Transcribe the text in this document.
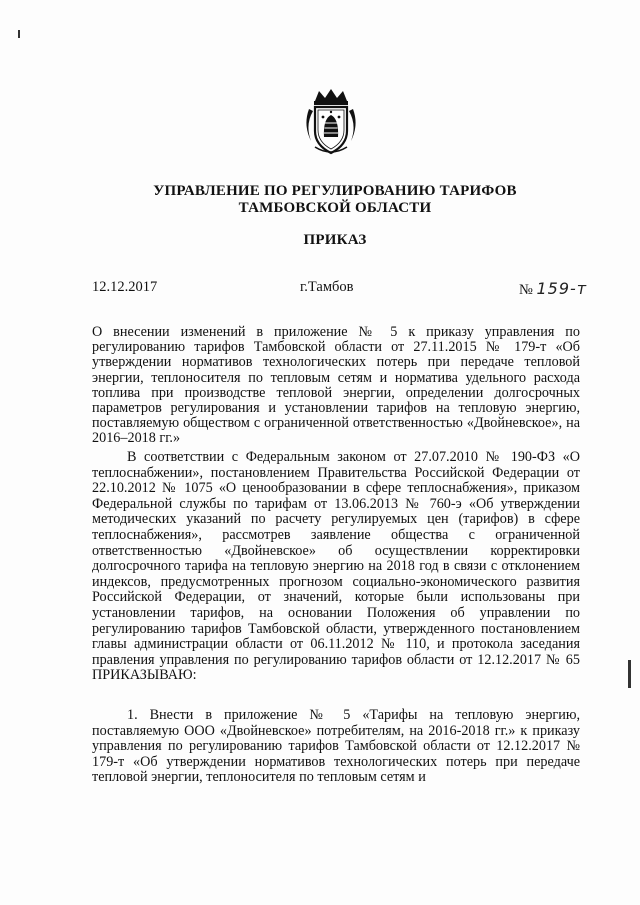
УПРАВЛЕНИЕ ПО РЕГУЛИРОВАНИЮ ТАРИФОВ
ТАМБОВСКОЙ ОБЛАСТИ
ПРИКАЗ
12.12.2017	г.Тамбов	№ 159-т
О внесении изменений в приложение № 5 к приказу управления по регулированию тарифов Тамбовской области от 27.11.2015 № 179-т «Об утверждении нормативов технологических потерь при передаче тепловой энергии, теплоносителя по тепловым сетям и норматива удельного расхода топлива при производстве тепловой энергии, определении долгосрочных параметров регулирования и установлении тарифов на тепловую энергию, поставляемую обществом с ограниченной ответственностью «Двойневское», на 2016–2018 гг.»
В соответствии с Федеральным законом от 27.07.2010 № 190-ФЗ «О теплоснабжении», постановлением Правительства Российской Федерации от 22.10.2012 № 1075 «О ценообразовании в сфере теплоснабжения», приказом Федеральной службы по тарифам от 13.06.2013 № 760-э «Об утверждении методических указаний по расчету регулируемых цен (тарифов) в сфере теплоснабжения», рассмотрев заявление общества с ограниченной ответственностью «Двойневское» об осуществлении корректировки долгосрочного тарифа на тепловую энергию на 2018 год в связи с отклонением индексов, предусмотренных прогнозом социально-экономического развития Российской Федерации, от значений, которые были использованы при установлении тарифов, на основании Положения об управлении по регулированию тарифов Тамбовской области, утвержденного постановлением главы администрации области от 06.11.2012 № 110, и протокола заседания правления управления по регулированию тарифов области от 12.12.2017 № 65 ПРИКАЗЫВАЮ:
1. Внести в приложение № 5 «Тарифы на тепловую энергию, поставляемую ООО «Двойневское» потребителям, на 2016-2018 гг.» к приказу управления по регулированию тарифов Тамбовской области от 12.12.2017 № 179-т «Об утверждении нормативов технологических потерь при передаче тепловой энергии, теплоносителя по тепловым сетям и
